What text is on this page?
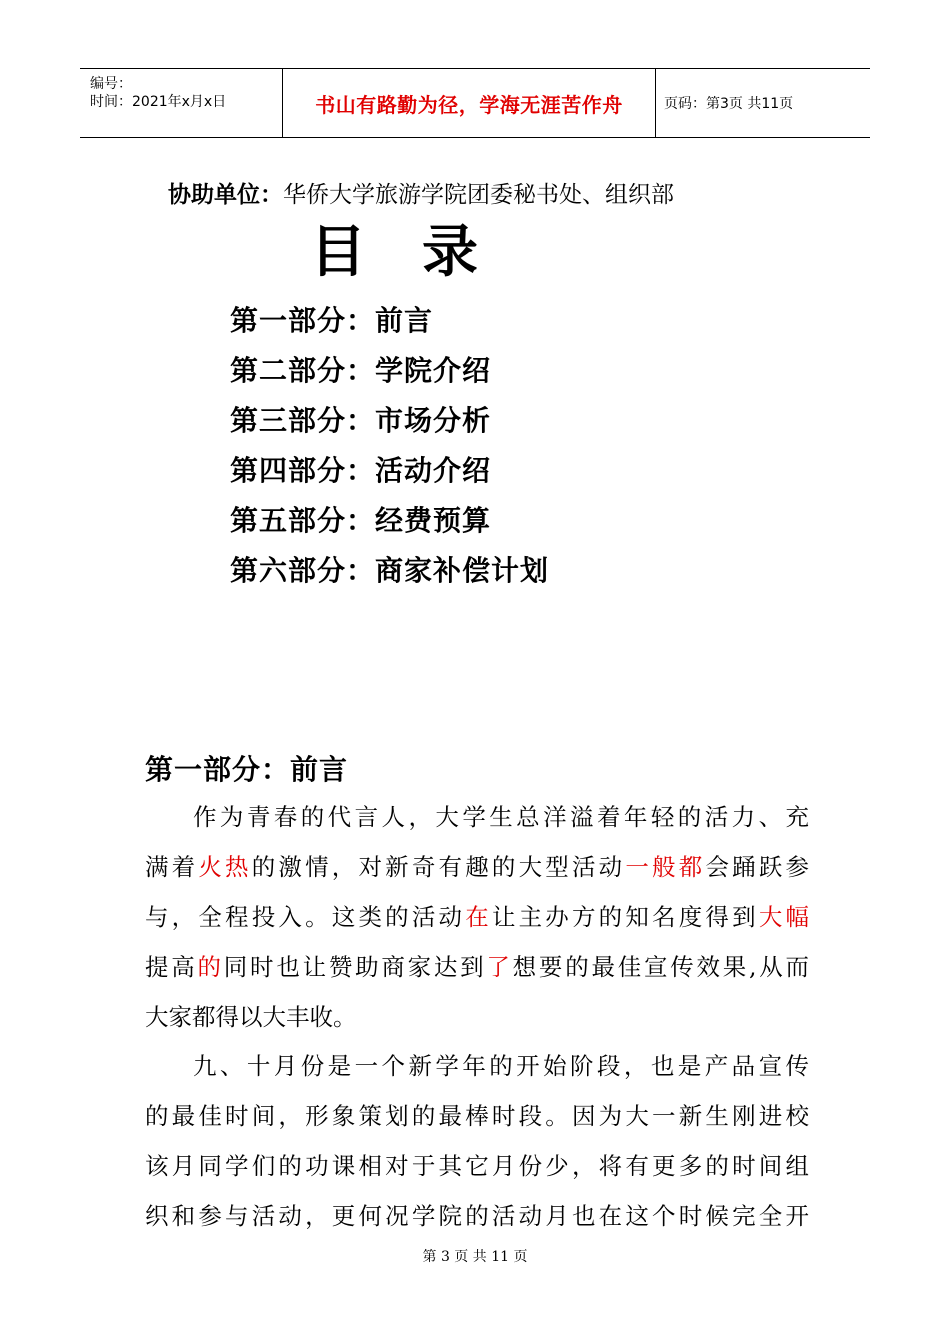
编号：
时间：2021年x月x日	书山有路勤为径，学海无涯苦作舟	页码：第3页 共11页
协助单位：华侨大学旅游学院团委秘书处、组织部
目 录
第一部分：前言
第二部分：学院介绍
第三部分：市场分析
第四部分：活动介绍
第五部分：经费预算
第六部分：商家补偿计划
第一部分：前言
作为青春的代言人，大学生总洋溢着年轻的活力、充
满着火热的激情，对新奇有趣的大型活动一般都会踊跃参
与，全程投入。这类的活动在让主办方的知名度得到大幅
提高的同时也让赞助商家达到了想要的最佳宣传效果,从而
大家都得以大丰收。
九、十月份是一个新学年的开始阶段，也是产品宣传
的最佳时间，形象策划的最棒时段。因为大一新生刚进校
该月同学们的功课相对于其它月份少，将有更多的时间组
织和参与活动，更何况学院的活动月也在这个时候完全开
第 3 页 共 11 页
